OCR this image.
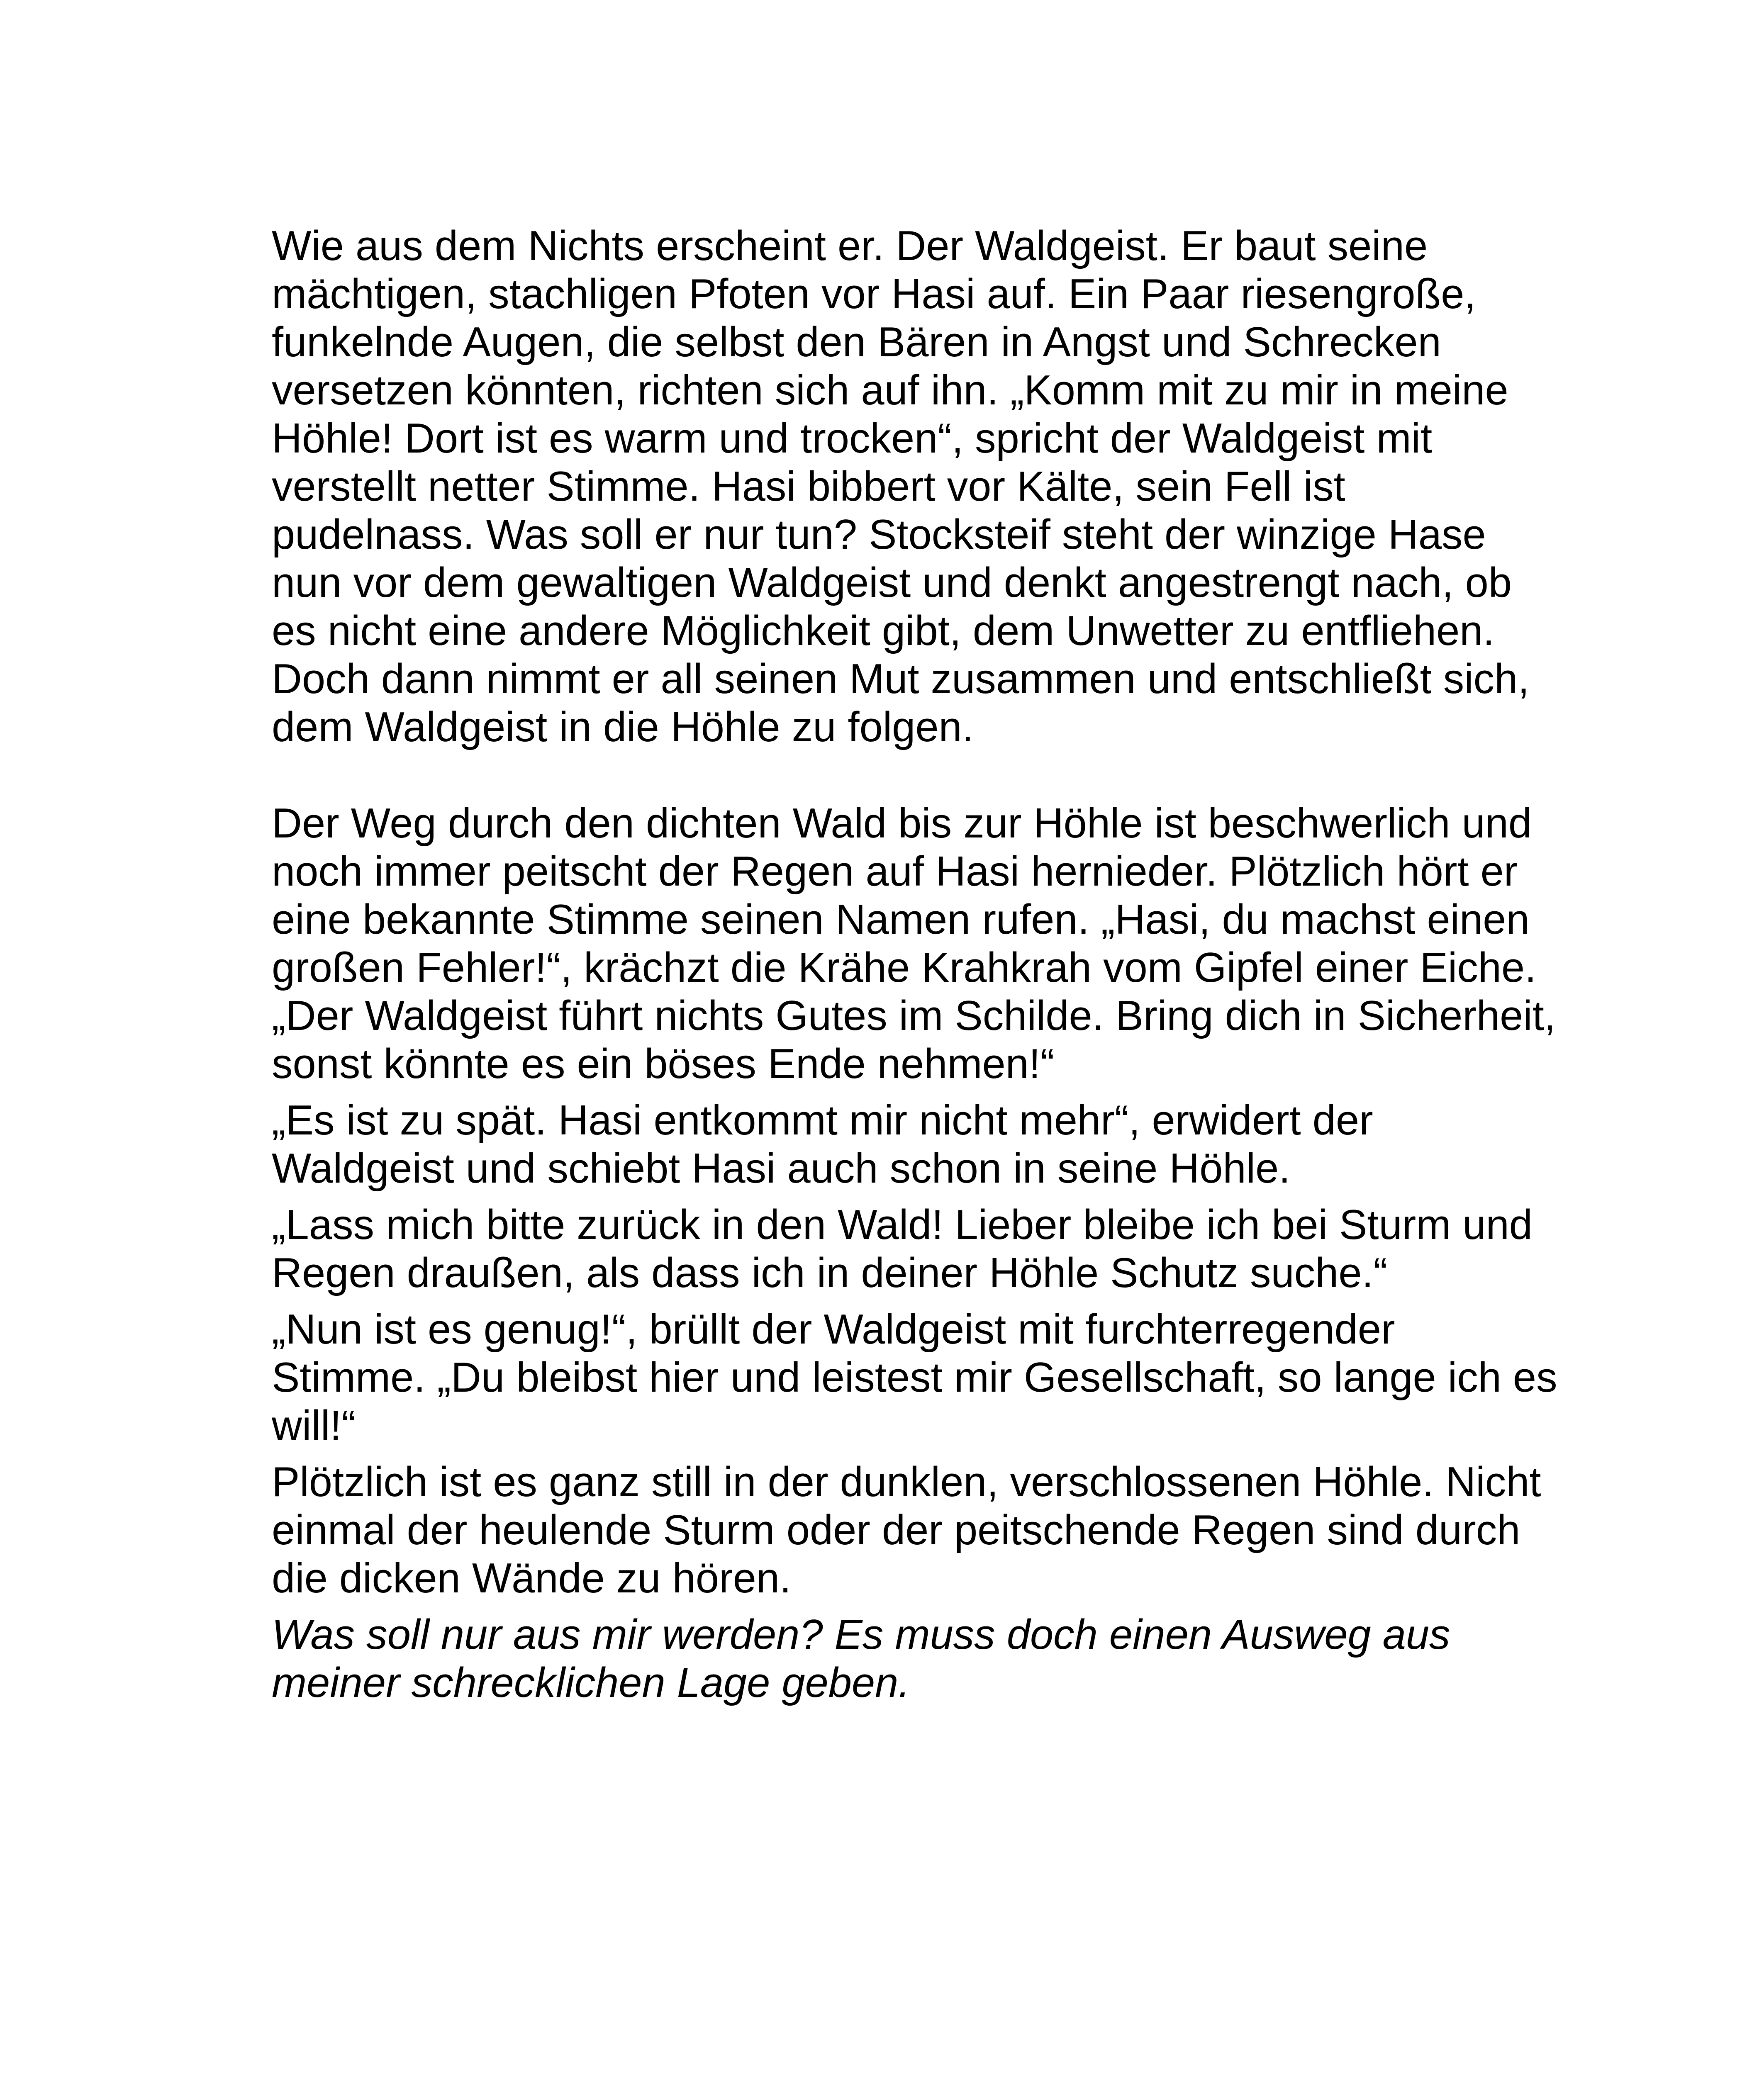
Wie aus dem Nichts erscheint er. Der Waldgeist. Er baut seine mächtigen, stachligen Pfoten vor Hasi auf. Ein Paar riesengroße, funkelnde Augen, die selbst den Bären in Angst und Schrecken versetzen könnten, richten sich auf ihn. „Komm mit zu mir in meine Höhle! Dort ist es warm und trocken“, spricht der Waldgeist mit verstellt netter Stimme. Hasi bibbert vor Kälte, sein Fell ist pudelnass. Was soll er nur tun? Stocksteif steht der winzige Hase nun vor dem gewaltigen Waldgeist und denkt angestrengt nach, ob es nicht eine andere Möglichkeit gibt, dem Unwetter zu entfliehen. Doch dann nimmt er all seinen Mut zusammen und entschließt sich, dem Waldgeist in die Höhle zu folgen.

Der Weg durch den dichten Wald bis zur Höhle ist beschwerlich und noch immer peitscht der Regen auf Hasi hernieder. Plötzlich hört er eine bekannte Stimme seinen Namen rufen. „Hasi, du machst einen großen Fehler!“, krächzt die Krähe Krahkrah vom Gipfel einer Eiche. „Der Waldgeist führt nichts Gutes im Schilde. Bring dich in Sicherheit, sonst könnte es ein böses Ende nehmen!“

„Es ist zu spät. Hasi entkommt mir nicht mehr“, erwidert der Waldgeist und schiebt Hasi auch schon in seine Höhle.

„Lass mich bitte zurück in den Wald! Lieber bleibe ich bei Sturm und Regen draußen, als dass ich in deiner Höhle Schutz suche.“

„Nun ist es genug!“, brüllt der Waldgeist mit furchterregender Stimme. „Du bleibst hier und leistest mir Gesellschaft, so lange ich es will!“

Plötzlich ist es ganz still in der dunklen, verschlossenen Höhle. Nicht einmal der heulende Sturm oder der peitschende Regen sind durch die dicken Wände zu hören.

Was soll nur aus mir werden? Es muss doch einen Ausweg aus meiner schrecklichen Lage geben.
